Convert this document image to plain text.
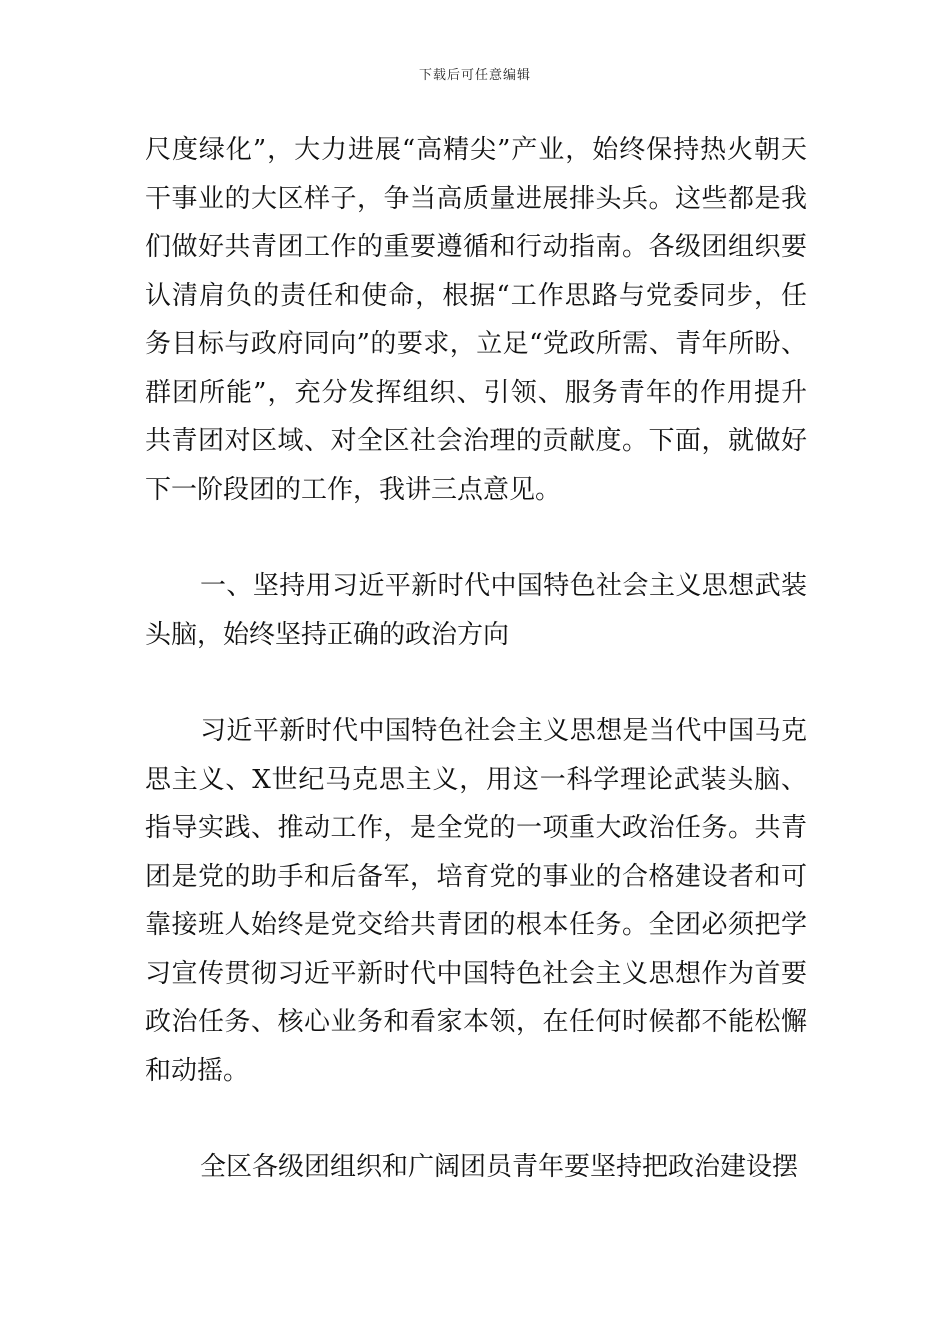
下载后可任意编辑

尺度绿化”，大力进展“高精尖”产业，始终保持热火朝天干事业的大区样子，争当高质量进展排头兵。这些都是我们做好共青团工作的重要遵循和行动指南。各级团组织要认清肩负的责任和使命，根据“工作思路与党委同步，任务目标与政府同向”的要求，立足“党政所需、青年所盼、群团所能”，充分发挥组织、引领、服务青年的作用提升共青团对区域、对全区社会治理的贡献度。下面，就做好下一阶段团的工作，我讲三点意见。

一、坚持用习近平新时代中国特色社会主义思想武装头脑，始终坚持正确的政治方向

习近平新时代中国特色社会主义思想是当代中国马克思主义、X世纪马克思主义，用这一科学理论武装头脑、指导实践、推动工作，是全党的一项重大政治任务。共青团是党的助手和后备军，培育党的事业的合格建设者和可靠接班人始终是党交给共青团的根本任务。全团必须把学习宣传贯彻习近平新时代中国特色社会主义思想作为首要政治任务、核心业务和看家本领，在任何时候都不能松懈和动摇。

全区各级团组织和广阔团员青年要坚持把政治建设摆
